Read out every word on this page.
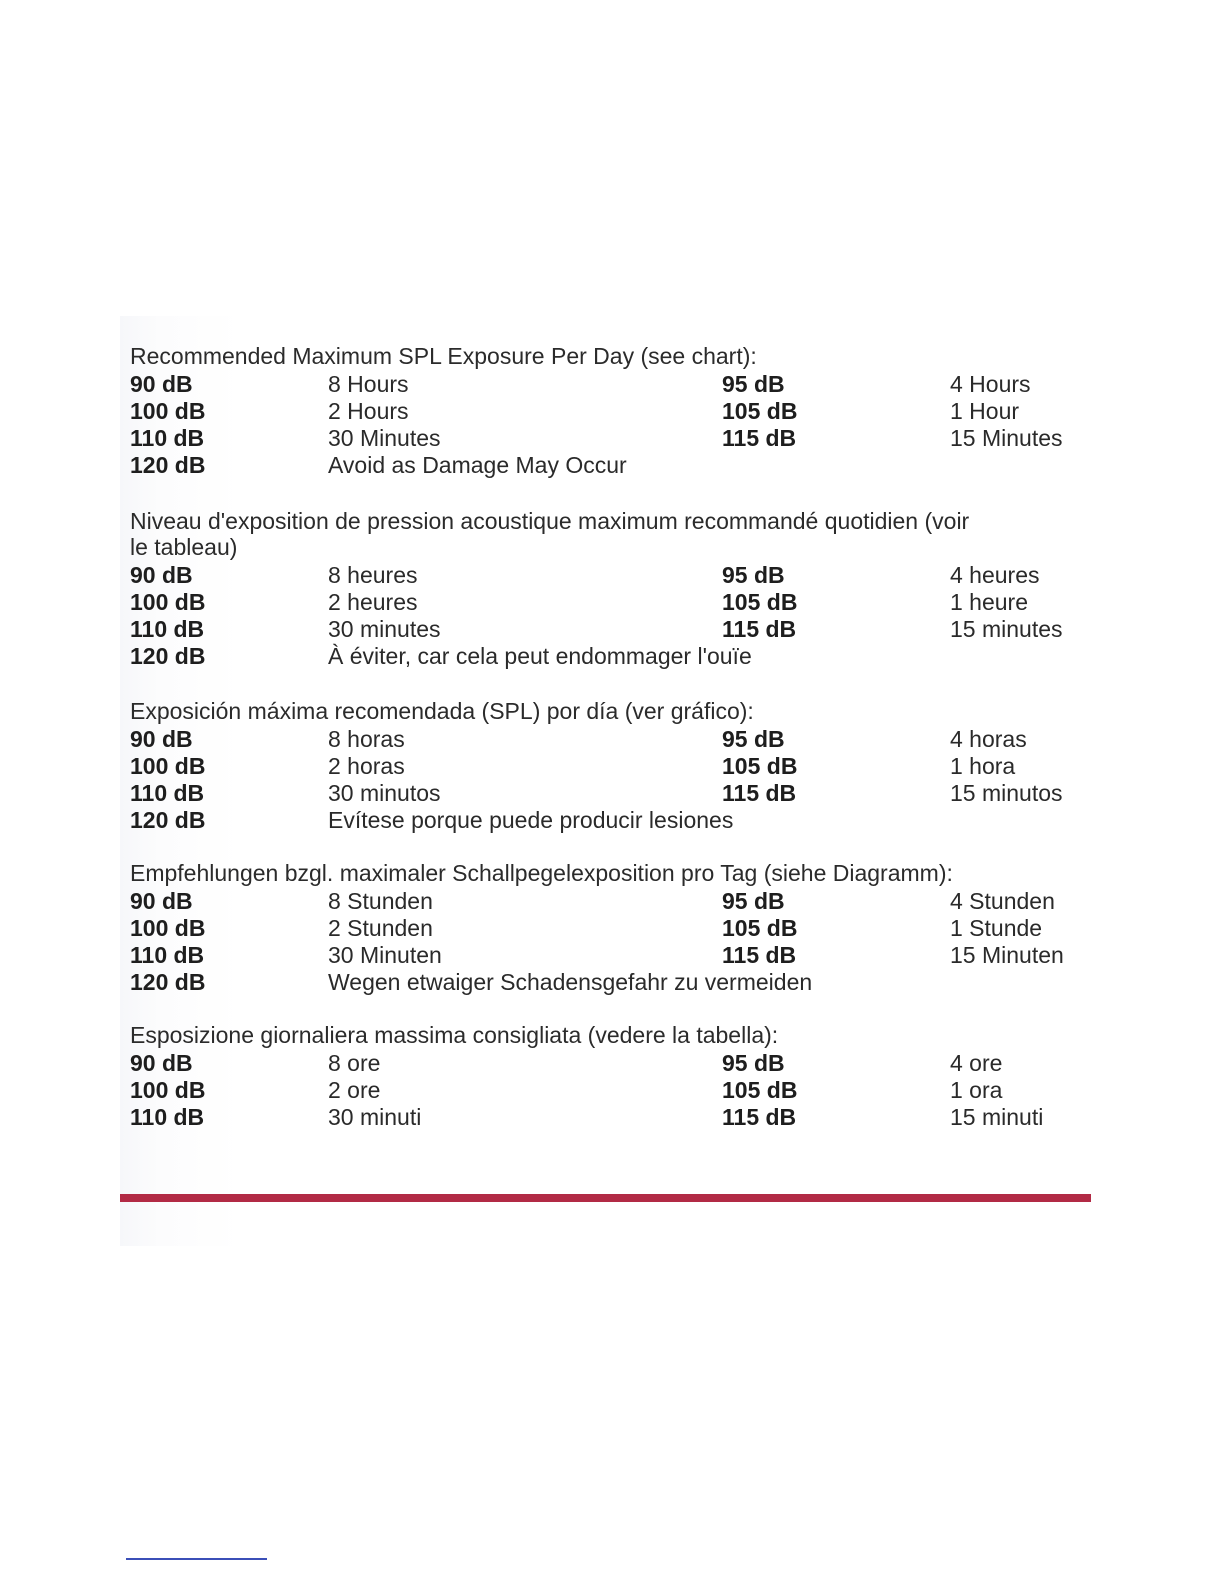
Recommended Maximum SPL Exposure Per Day (see chart):
90 dB	8 Hours	95 dB	4 Hours
100 dB	2 Hours	105 dB	1 Hour
110 dB	30 Minutes	115 dB	15 Minutes
120 dB	Avoid as Damage May Occur
Niveau d'exposition de pression acoustique maximum recommandé quotidien (voir le tableau)
90 dB	8 heures	95 dB	4 heures
100 dB	2 heures	105 dB	1 heure
110 dB	30 minutes	115 dB	15 minutes
120 dB	À éviter, car cela peut endommager l'ouïe
Exposición máxima recomendada (SPL) por día (ver gráfico):
90 dB	8 horas	95 dB	4 horas
100 dB	2 horas	105 dB	1 hora
110 dB	30 minutos	115 dB	15 minutos
120 dB	Evítese porque puede producir lesiones
Empfehlungen bzgl. maximaler Schallpegelexposition pro Tag (siehe Diagramm):
90 dB	8 Stunden	95 dB	4 Stunden
100 dB	2 Stunden	105 dB	1 Stunde
110 dB	30 Minuten	115 dB	15 Minuten
120 dB	Wegen etwaiger Schadensgefahr zu vermeiden
Esposizione giornaliera massima consigliata (vedere la tabella):
90 dB	8 ore	95 dB	4 ore
100 dB	2 ore	105 dB	1 ora
110 dB	30 minuti	115 dB	15 minuti
